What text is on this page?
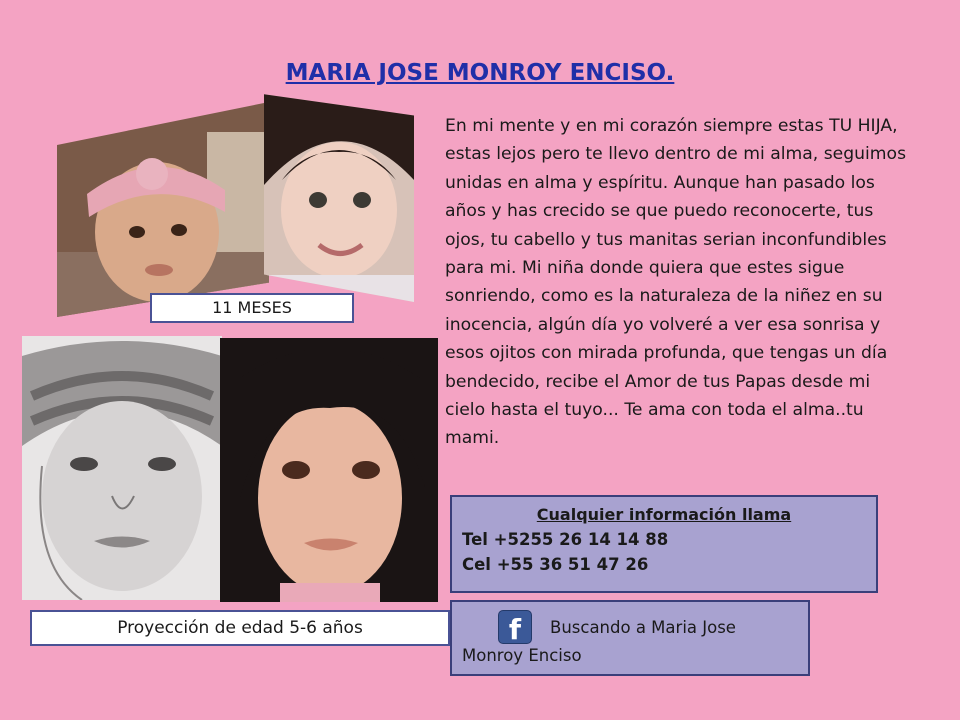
MARIA JOSE MONROY ENCISO.
11 MESES
Proyección de edad 5-6 años
En mi mente y en mi corazón siempre estas TU HIJA, estas lejos pero te llevo dentro de mi alma, seguimos unidas en alma y espíritu. Aunque han pasado los años y has crecido se que puedo reconocerte, tus ojos, tu cabello y tus manitas serian inconfundibles para mi. Mi niña donde quiera que estes sigue sonriendo, como es la naturaleza de la niñez en su inocencia, algún día yo volveré a ver esa sonrisa y esos ojitos con mirada profunda, que tengas un día bendecido, recibe el Amor de tus Papas desde mi cielo hasta el tuyo... Te ama con toda el alma..tu mami.
Cualquier información llama
Tel +5255 26 14 14 88
Cel +55 36 51 47 26
f Buscando a Maria Jose
Monroy Enciso
